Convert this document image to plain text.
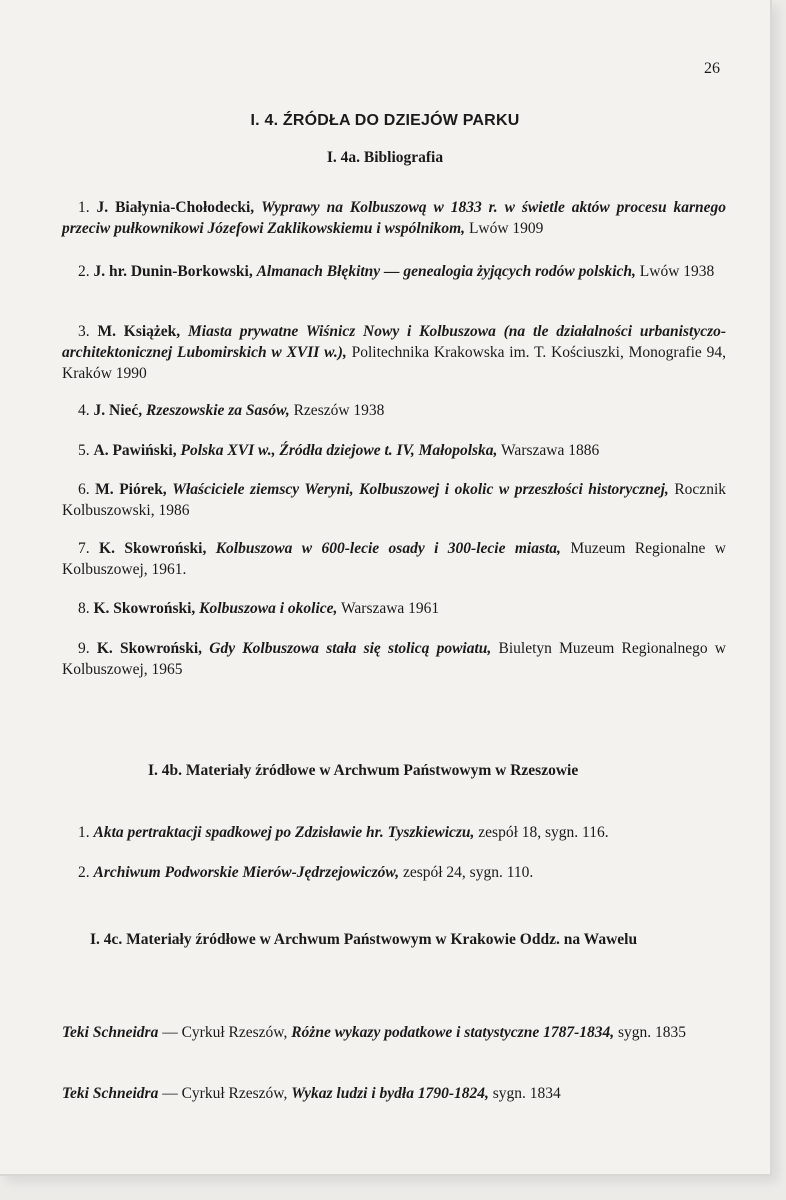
26
I. 4. ŹRÓDŁA DO DZIEJÓW PARKU
I. 4a. Bibliografia
1. J. Białynia-Chołodecki, Wyprawy na Kolbuszową w 1833 r. w świetle aktów procesu karnego przeciw pułkownikowi Józefowi Zaklikowskiemu i wspólnikom, Lwów 1909
2. J. hr. Dunin-Borkowski, Almanach Błękitny — genealogia żyjących rodów polskich, Lwów 1938
3. M. Książek, Miasta prywatne Wiśnicz Nowy i Kolbuszowa (na tle działalności urbanistyczo-architektonicznej Lubomirskich w XVII w.), Politechnika Krakowska im. T. Kościuszki, Monografie 94, Kraków 1990
4. J. Nieć, Rzeszowskie za Sasów, Rzeszów 1938
5. A. Pawiński, Polska XVI w., Źródła dziejowe t. IV, Małopolska, Warszawa 1886
6. M. Piórek, Właściciele ziemscy Weryni, Kolbuszowej i okolic w przeszłości historycznej, Rocznik Kolbuszowski, 1986
7. K. Skowroński, Kolbuszowa w 600-lecie osady i 300-lecie miasta, Muzeum Regionalne w Kolbuszowej, 1961.
8. K. Skowroński, Kolbuszowa i okolice, Warszawa 1961
9. K. Skowroński, Gdy Kolbuszowa stała się stolicą powiatu, Biuletyn Muzeum Regionalnego w Kolbuszowej, 1965
I. 4b. Materiały źródłowe w Archwum Państwowym w Rzeszowie
1. Akta pertraktacji spadkowej po Zdzisławie hr. Tyszkiewiczu, zespół 18, sygn. 116.
2. Archiwum Podworskie Mierów-Jędrzejowiczów, zespół 24, sygn. 110.
I. 4c. Materiały źródłowe w Archwum Państwowym w Krakowie Oddz. na Wawelu
Teki Schneidra — Cyrkuł Rzeszów, Różne wykazy podatkowe i statystyczne 1787-1834, sygn. 1835
Teki Schneidra — Cyrkuł Rzeszów, Wykaz ludzi i bydła 1790-1824, sygn. 1834
